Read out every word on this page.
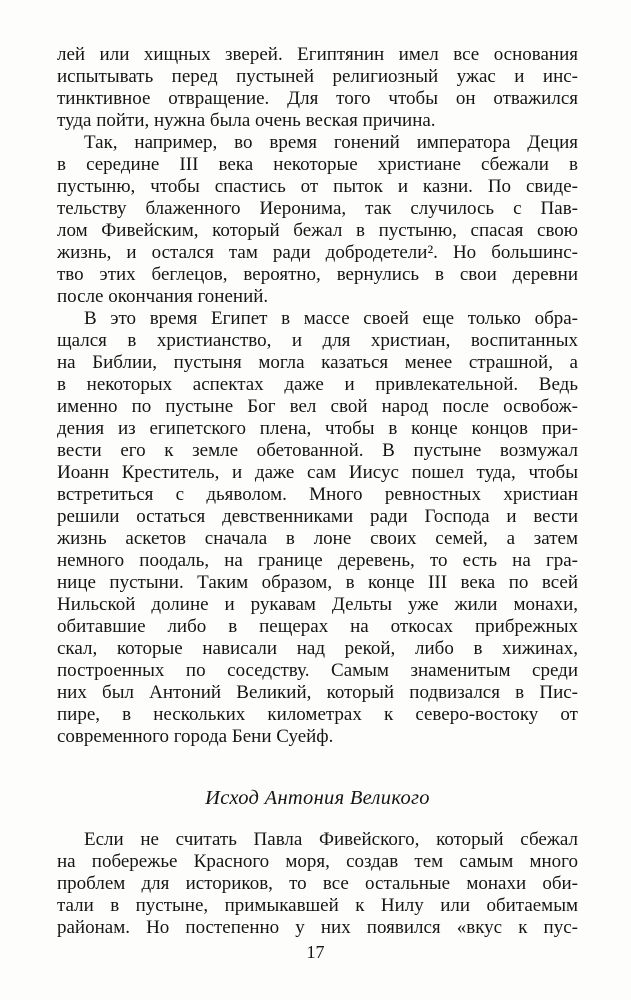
лей или хищных зверей. Египтянин имел все основания
испытывать перед пустыней религиозный ужас и инс-
тинктивное отвращение. Для того чтобы он отважился
туда пойти, нужна была очень веская причина.
Так, например, во время гонений императора Деция
в середине III века некоторые христиане сбежали в
пустыню, чтобы спастись от пыток и казни. По свиде-
тельству блаженного Иеронима, так случилось с Пав-
лом Фивейским, который бежал в пустыню, спасая свою
жизнь, и остался там ради добродетели². Но большинс-
тво этих беглецов, вероятно, вернулись в свои деревни
после окончания гонений.
В это время Египет в массе своей еще только обра-
щался в христианство, и для христиан, воспитанных
на Библии, пустыня могла казаться менее страшной, а
в некоторых аспектах даже и привлекательной. Ведь
именно по пустыне Бог вел свой народ после освобож-
дения из египетского плена, чтобы в конце концов при-
вести его к земле обетованной. В пустыне возмужал
Иоанн Креститель, и даже сам Иисус пошел туда, чтобы
встретиться с дьяволом. Много ревностных христиан
решили остаться девственниками ради Господа и вести
жизнь аскетов сначала в лоне своих семей, а затем
немного поодаль, на границе деревень, то есть на гра-
нице пустыни. Таким образом, в конце III века по всей
Нильской долине и рукавам Дельты уже жили монахи,
обитавшие либо в пещерах на откосах прибрежных
скал, которые нависали над рекой, либо в хижинах,
построенных по соседству. Самым знаменитым среди
них был Антоний Великий, который подвизался в Пис-
пире, в нескольких километрах к северо-востоку от
современного города Бени Суейф.
Исход Антония Великого
Если не считать Павла Фивейского, который сбежал
на побережье Красного моря, создав тем самым много
проблем для историков, то все остальные монахи оби-
тали в пустыне, примыкавшей к Нилу или обитаемым
районам. Но постепенно у них появился «вкус к пус-
17
